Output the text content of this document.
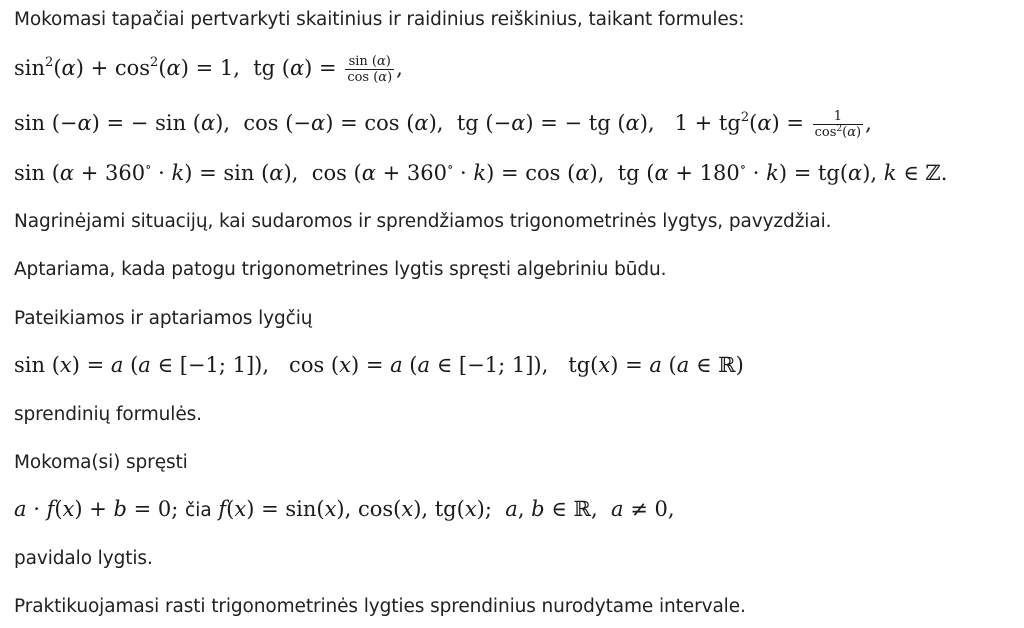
Mokomasi tapačiai pertvarkyti skaitinius ir raidinius reiškinius, taikant formules:
$\sin^2(\alpha) + \cos^2(\alpha) = 1$,  tg $(\alpha) = \frac{\sin (\alpha)}{\cos (\alpha)}$ ,
sin (−α) = − sin (α),  cos (−α) = cos (α),  tg (−α) = − tg (α),   $1 + tg^2(\alpha) = \frac{1}{\cos^2(\alpha)}$ ,
sin (α + 360∘ · k) = sin (α),  cos (α + 360∘ · k) = cos (α),  tg (α + 180∘ · k) = tg(α), k ∈ ℤ.
Nagrinėjami situacijų, kai sudaromos ir sprendžiamos trigonometrinės lygtys, pavyzdžiai.
Aptariama, kada patogu trigonometrines lygtis spręsti algebriniu būdu.
Pateikiamos ir aptariamos lygčių
sin (x) = a (a ∈ [−1; 1]),   cos (x) = a (a ∈ [−1; 1]),   tg(x) = a (a ∈ ℝ)
sprendinių formulės.
Mokoma(si) spręsti
a · f(x) + b = 0; čia f(x) = sin(x), cos(x), tg(x);  a, b ∈ ℝ,  a ≠ 0,
pavidalo lygtis.
Praktikuojamasi rasti trigonometrinės lygties sprendinius nurodytame intervale.
